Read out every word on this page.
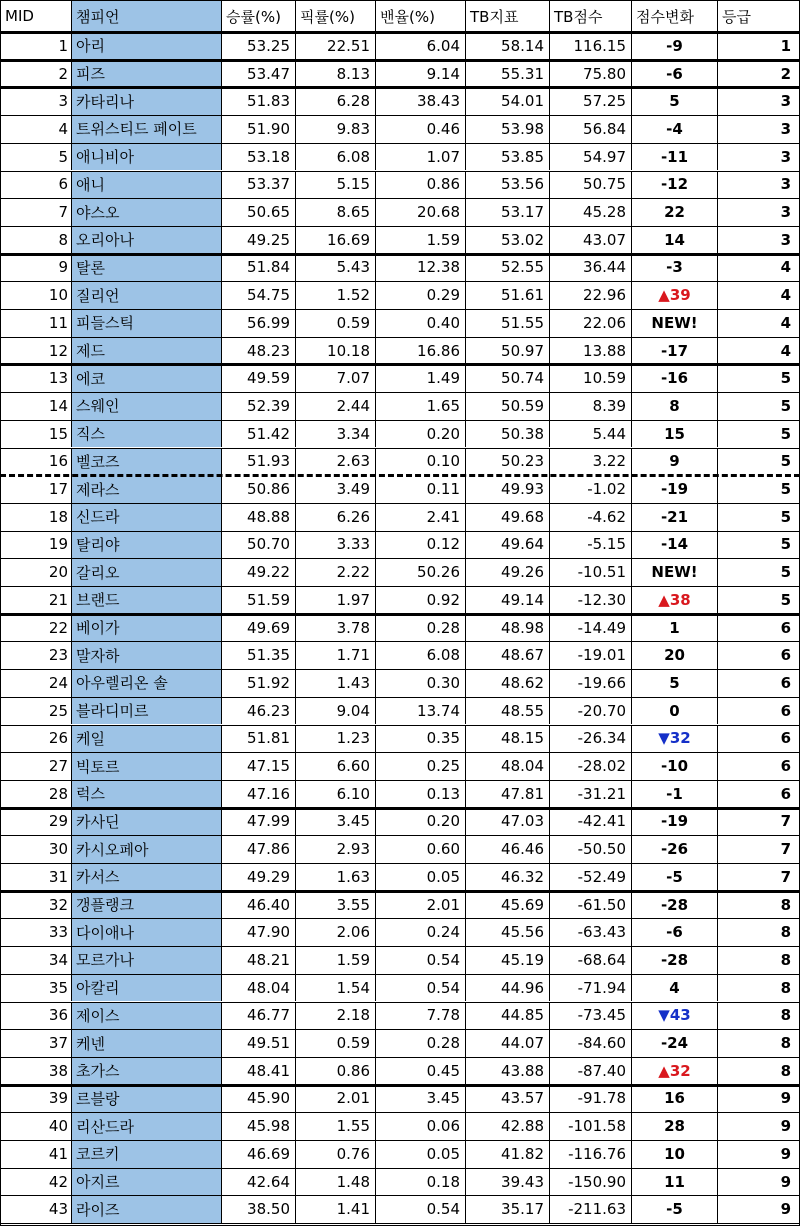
MID	챔피언	승률(%)	픽률(%)	밴율(%)	TB지표	TB점수	점수변화	등급
1 아리	53.25	22.51	6.04	58.14	116.15	-9	1
2 피즈	53.47	8.13	9.14	55.31	75.80	-6	2
3 카타리나	51.83	6.28	38.43	54.01	57.25	5	3
4 트위스티드 페이트	51.90	9.83	0.46	53.98	56.84	-4	3
5 애니비아	53.18	6.08	1.07	53.85	54.97	-11	3
6 애니	53.37	5.15	0.86	53.56	50.75	-12	3
7 야스오	50.65	8.65	20.68	53.17	45.28	22	3
8 오리아나	49.25	16.69	1.59	53.02	43.07	14	3
9 탈론	51.84	5.43	12.38	52.55	36.44	-3	4
10 질리언	54.75	1.52	0.29	51.61	22.96	▲39	4
11 피들스틱	56.99	0.59	0.40	51.55	22.06	NEW!	4
12 제드	48.23	10.18	16.86	50.97	13.88	-17	4
13 에코	49.59	7.07	1.49	50.74	10.59	-16	5
14 스웨인	52.39	2.44	1.65	50.59	8.39	8	5
15 직스	51.42	3.34	0.20	50.38	5.44	15	5
16 벨코즈	51.93	2.63	0.10	50.23	3.22	9	5
17 제라스	50.86	3.49	0.11	49.93	-1.02	-19	5
18 신드라	48.88	6.26	2.41	49.68	-4.62	-21	5
19 탈리야	50.70	3.33	0.12	49.64	-5.15	-14	5
20 갈리오	49.22	2.22	50.26	49.26	-10.51	NEW!	5
21 브랜드	51.59	1.97	0.92	49.14	-12.30	▲38	5
22 베이가	49.69	3.78	0.28	48.98	-14.49	1	6
23 말자하	51.35	1.71	6.08	48.67	-19.01	20	6
24 아우렐리온 솔	51.92	1.43	0.30	48.62	-19.66	5	6
25 블라디미르	46.23	9.04	13.74	48.55	-20.70	0	6
26 케일	51.81	1.23	0.35	48.15	-26.34	▼32	6
27 빅토르	47.15	6.60	0.25	48.04	-28.02	-10	6
28 럭스	47.16	6.10	0.13	47.81	-31.21	-1	6
29 카사딘	47.99	3.45	0.20	47.03	-42.41	-19	7
30 카시오페아	47.86	2.93	0.60	46.46	-50.50	-26	7
31 카서스	49.29	1.63	0.05	46.32	-52.49	-5	7
32 갱플랭크	46.40	3.55	2.01	45.69	-61.50	-28	8
33 다이애나	47.90	2.06	0.24	45.56	-63.43	-6	8
34 모르가나	48.21	1.59	0.54	45.19	-68.64	-28	8
35 아칼리	48.04	1.54	0.54	44.96	-71.94	4	8
36 제이스	46.77	2.18	7.78	44.85	-73.45	▼43	8
37 케넨	49.51	0.59	0.28	44.07	-84.60	-24	8
38 초가스	48.41	0.86	0.45	43.88	-87.40	▲32	8
39 르블랑	45.90	2.01	3.45	43.57	-91.78	16	9
40 리산드라	45.98	1.55	0.06	42.88	-101.58	28	9
41 코르키	46.69	0.76	0.05	41.82	-116.76	10	9
42 아지르	42.64	1.48	0.18	39.43	-150.90	11	9
43 라이즈	38.50	1.41	0.54	35.17	-211.63	-5	9
